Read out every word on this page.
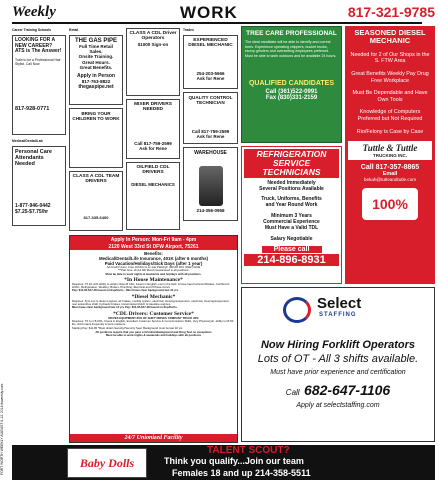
Weekly	WORK	817-321-9785
FORT WORTH WEEKLY AUGUST 6-12, 2014 fwweekly.com
Career Training Schools
LOOKING FOR A NEW CAREER? ATS is The Answer!
Train to be a Professional Hair Stylist. Call Now.
817-928-0771
Medical/Dental/Lab
Personal Care Attendants Needed
1-877-946-0442
$7.25-$7.75/hr
Retail
THE GAS PIPE
Full Time Retail Sales.
Onsite Training.
Great Hours.
Great Benefits.
Apply in Person
817-763-8822
thegaspipe.net
BRING YOUR CHILDREN TO WORK
CLASS A CDL TEAM DRIVERS
817-335-6400
CLASS A CDL Driver Operators
$1000 Sign-on
MIXER DRIVERS NEEDED
Call 817-759-2599
Ask for Rene
OILFIELD CDL DRIVERS
DIESEL MECHANICS
Trades
EXPERIENCED DIESEL MECHANIC
254-203-5666
Ask for Rene
QUALITY CONTROL TECHNICIAN
Call 817-759-2599
Ask for Rene
WAREHOUSE
214-356-0958
TREE CARE PROFESSIONAL
The ideal candidate will be able to identify and correct trees. Experience operating chippers, bucket trucks, stump grinders and overseeing employees preferred. Must be able to work outdoors and be available 24 hours.
QUALIFIED CANDIDATES
Call (361)522-0991
Fax (830)331-2159
REFRIGERATION SERVICE TECHNICIANS
Needed Immediately
Several Positions Available
Truck, Uniforms, Benefits
and Year Round Work
Minimum 3 Years
Commercial Experience
Must Have a Valid TDL
Salary Negotiable
Please call
214-896-8931
SEASONED DIESEL MECHANIC
Needed for 2 of Our Shops in the S. FTW Area
Great Benefits Weekly Pay Drug Free Workplace
Must Be Dependable and Have Own Tools
Knowledge of Computers Preferred but Not Required
Rio/Felony is Case by Case
Tuttle & Tuttle
TRUCKING INC.
Call 817-357-8865
Email
bekah@tutleandtutle.com
100% LOCAL
Apply In Person: Mon-Fri 9am - 4pm
2120 West 33rd St DFW Airport, 75261
Benefits:
Medical/Dental/Life Insurance, 401K (after 6 months)
Paid Vacation/Holidays/Sick Days (after 1 year)
AA Credit Union, Free LUNCH & on-site Parking!! (FROM DAY ONE!!) EOE
***Part time- 2nd & 6th Month Guaranteed in all positions.
Must be able to work nights & weekends and holidays with all positions.
*In House Maintenance*
Requires: TX DL with ability to obtain Class B CDL, Fluent in English, exp in the field, & have hand tools/certificates. Certified in HVAC, Refrigeration, Welding, Boilers, Plumbing, Electrical and 3 Phase circuit.
Pay: $14.95-$17.48 based on Exp/Certs - Must have clear background last 10 yrs
*Diesel Mechanic*
Requires: 5yrs exp in diesel engines, air brakes, cooling system, electrical, steering/suspension, electrical, steering/suspension, rear axles/drive shaft, hydraulic brakes, transmission/clutch & Gasoline engines.
Must have clear background last 10 yrs Pay: $14.95-$17.48 based on Exp/Certs.
*CDL Drivers: Customer Service*
MOVES EQUIPMENT 80% OF SHIFT DRIVES COMPANY TRUCK 20%
Requires: TX A or B CDL, Fluent in English, Excellent Customer Service & Communication Skills, Very Physical job, ability to lift 50 lbs, climb stairs frequently & work outdoors.
Starting Pay: $11.80 *Must obtain Security/Security Seal. Background must be last 10 yrs
All positions require that you pass a Criminal Background and Drug Test no exceptions
Must be able to work nights & weekends and holidays with all positions
24/7 Unionized Facility
Select
STAFFING
Now Hiring Forklift Operators
Lots of OT - All 3 shifts available.
Must have prior experience and certification
Call 682-647-1106
Apply at selectstaffing.com
Baby Dolls
TALENT SCOUT?
Think you qualify...Join our team
Females 18 and up 214-358-5511
